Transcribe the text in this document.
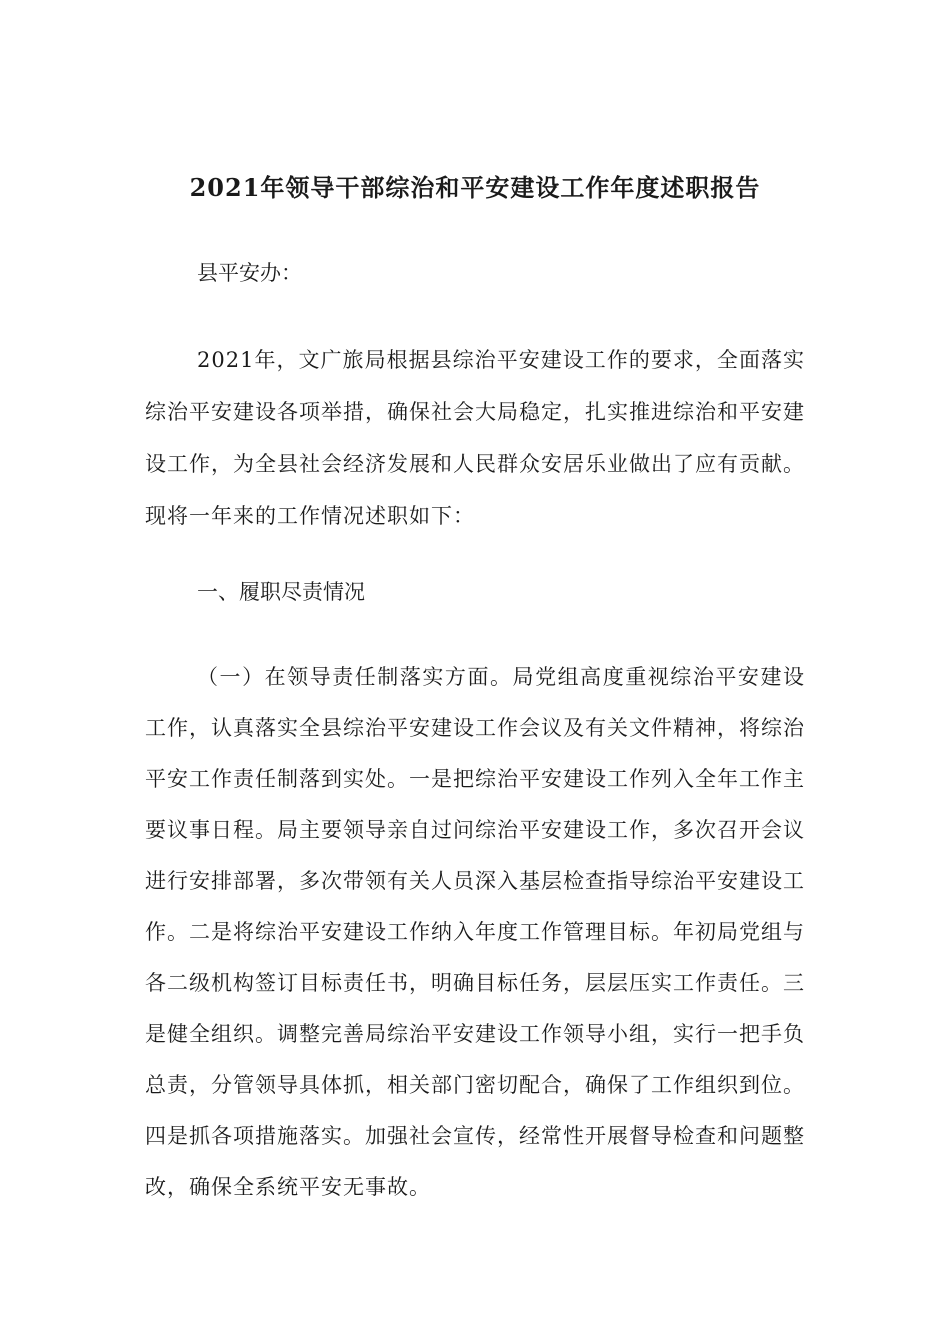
2021年领导干部综治和平安建设工作年度述职报告
县平安办：
2021年，文广旅局根据县综治平安建设工作的要求，全面落实综治平安建设各项举措，确保社会大局稳定，扎实推进综治和平安建设工作，为全县社会经济发展和人民群众安居乐业做出了应有贡献。现将一年来的工作情况述职如下：
一、履职尽责情况
（一）在领导责任制落实方面。局党组高度重视综治平安建设工作，认真落实全县综治平安建设工作会议及有关文件精神，将综治平安工作责任制落到实处。一是把综治平安建设工作列入全年工作主要议事日程。局主要领导亲自过问综治平安建设工作，多次召开会议进行安排部署，多次带领有关人员深入基层检查指导综治平安建设工作。二是将综治平安建设工作纳入年度工作管理目标。年初局党组与各二级机构签订目标责任书，明确目标任务，层层压实工作责任。三是健全组织。调整完善局综治平安建设工作领导小组，实行一把手负总责，分管领导具体抓，相关部门密切配合，确保了工作组织到位。四是抓各项措施落实。加强社会宣传，经常性开展督导检查和问题整改，确保全系统平安无事故。
